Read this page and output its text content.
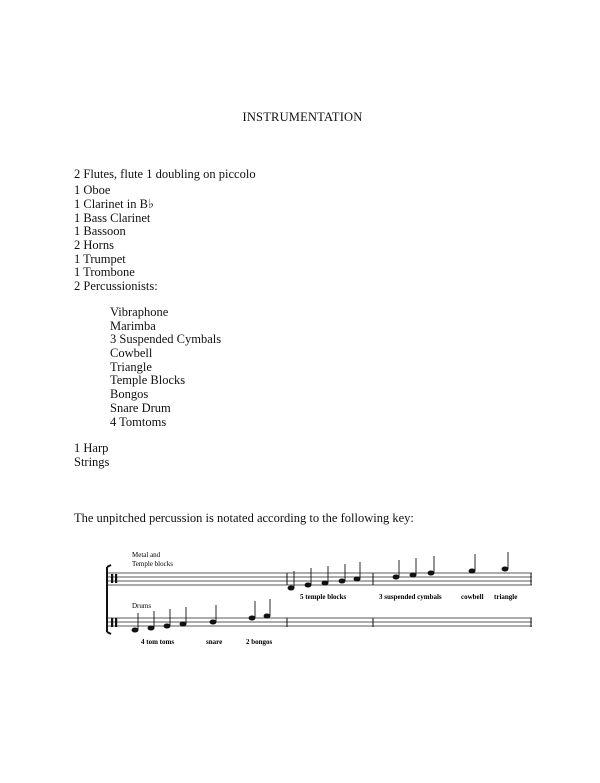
INSTRUMENTATION
2 Flutes, flute 1 doubling on piccolo
1 Oboe
1 Clarinet in B♭
1 Bass Clarinet
1 Bassoon
2 Horns
1 Trumpet
1 Trombone
2 Percussionists:
Vibraphone
Marimba
3 Suspended Cymbals
Cowbell
Triangle
Temple Blocks
Bongos
Snare Drum
4 Tomtoms
1 Harp
Strings
The unpitched percussion is notated according to the following key:
Metal and
Temple blocks
Drums
5 temple blocks	3 suspended cymbals	cowbell triangle
4 tom toms	snare	2 bongos
